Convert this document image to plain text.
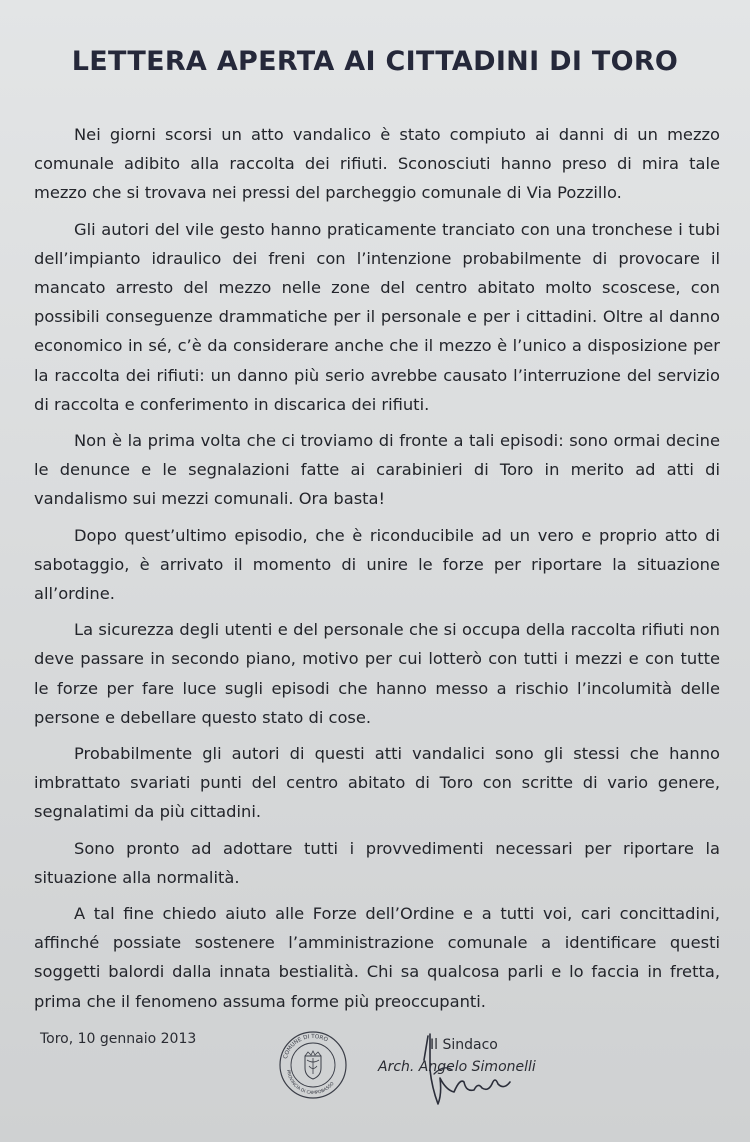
LETTERA APERTA AI CITTADINI DI TORO

Nei giorni scorsi un atto vandalico è stato compiuto ai danni di un mezzo comunale adibito alla raccolta dei rifiuti. Sconosciuti hanno preso di mira tale mezzo che si trovava nei pressi del parcheggio comunale di Via Pozzillo.

Gli autori del vile gesto hanno praticamente tranciato con una tronchese i tubi dell’impianto idraulico dei freni con l’intenzione probabilmente di provocare il mancato arresto del mezzo nelle zone del centro abitato molto scoscese, con possibili conseguenze drammatiche per il personale e per i cittadini. Oltre al danno economico in sé, c’è da considerare anche che il mezzo è l’unico a disposizione per la raccolta dei rifiuti: un danno più serio avrebbe causato l’interruzione del servizio di raccolta e conferimento in discarica dei rifiuti.

Non è la prima volta che ci troviamo di fronte a tali episodi: sono ormai decine le denunce e le segnalazioni fatte ai carabinieri di Toro in merito ad atti di vandalismo sui mezzi comunali. Ora basta!

Dopo quest’ultimo episodio, che è riconducibile ad un vero e proprio atto di sabotaggio, è arrivato il momento di unire le forze per riportare la situazione all’ordine.

La sicurezza degli utenti e del personale che si occupa della raccolta rifiuti non deve passare in secondo piano, motivo per cui lotterò con tutti i mezzi e con tutte le forze per fare luce sugli episodi che hanno messo a rischio l’incolumità delle persone e debellare questo stato di cose.

Probabilmente gli autori di questi atti vandalici sono gli stessi che hanno imbrattato svariati punti del centro abitato di Toro con scritte di vario genere, segnalatimi da più cittadini.

Sono pronto ad adottare tutti i provvedimenti necessari per riportare la situazione alla normalità.

A tal fine chiedo aiuto alle Forze dell’Ordine e a tutti voi, cari concittadini, affinché possiate sostenere l’amministrazione comunale a identificare questi soggetti balordi dalla innata bestialità. Chi sa qualcosa parli e lo faccia in fretta, prima che il fenomeno assuma forme più preoccupanti.

Toro, 10 gennaio 2013
COMUNE DI TORO
PROVINCIA DI CAMPOBASSO
Il Sindaco
Arch. Angelo Simonelli
